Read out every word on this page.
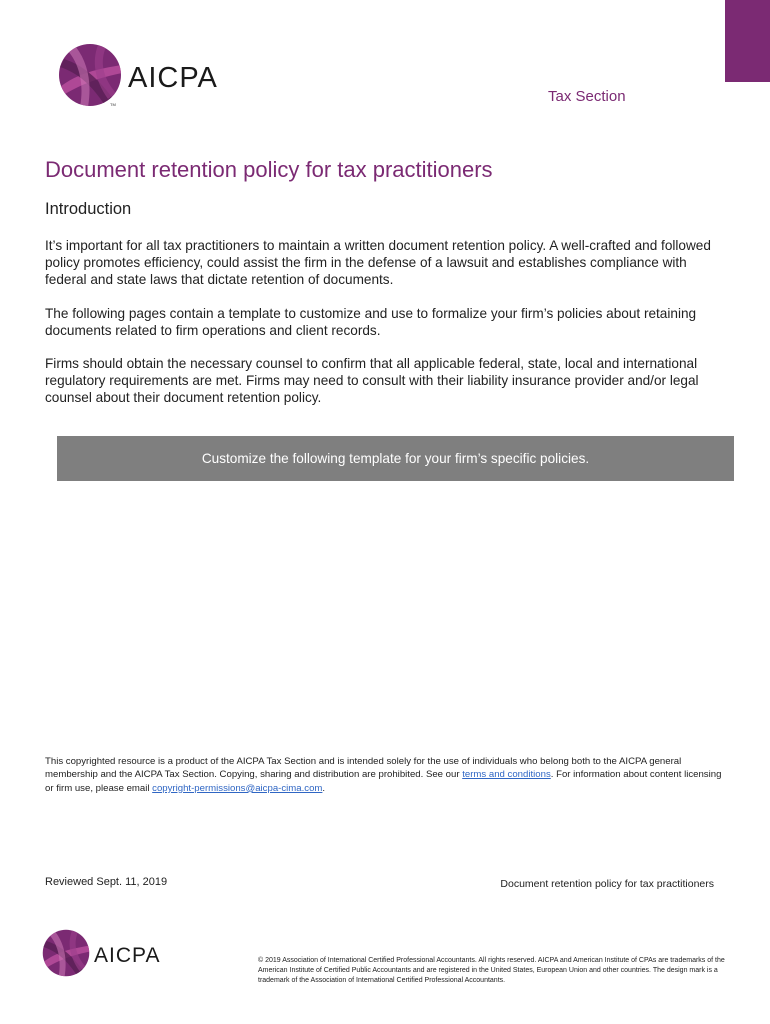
TM
AICPA
Tax Section
Document retention policy for tax practitioners
Introduction

It’s important for all tax practitioners to maintain a written document retention policy. A well-crafted and followed policy promotes efficiency, could assist the firm in the defense of a lawsuit and establishes compliance with federal and state laws that dictate retention of documents.

The following pages contain a template to customize and use to formalize your firm’s policies about retaining documents related to firm operations and client records.

Firms should obtain the necessary counsel to confirm that all applicable federal, state, local and international regulatory requirements are met. Firms may need to consult with their liability insurance provider and/or legal counsel about their document retention policy.

Customize the following template for your firm’s specific policies.

This copyrighted resource is a product of the AICPA Tax Section and is intended solely for the use of individuals who belong both to the AICPA general membership and the AICPA Tax Section. Copying, sharing and distribution are prohibited. See our terms and conditions. For information about content licensing or firm use, please email copyright-permissions@aicpa-cima.com.

Reviewed Sept. 11, 2019	Document retention policy for tax practitioners
AICPA	© 2019 Association of International Certified Professional Accountants. All rights reserved. AICPA and American Institute of CPAs are trademarks of the American Institute of Certified Public Accountants and are registered in the United States, European Union and other countries. The design mark is a trademark of the Association of International Certified Professional Accountants.
